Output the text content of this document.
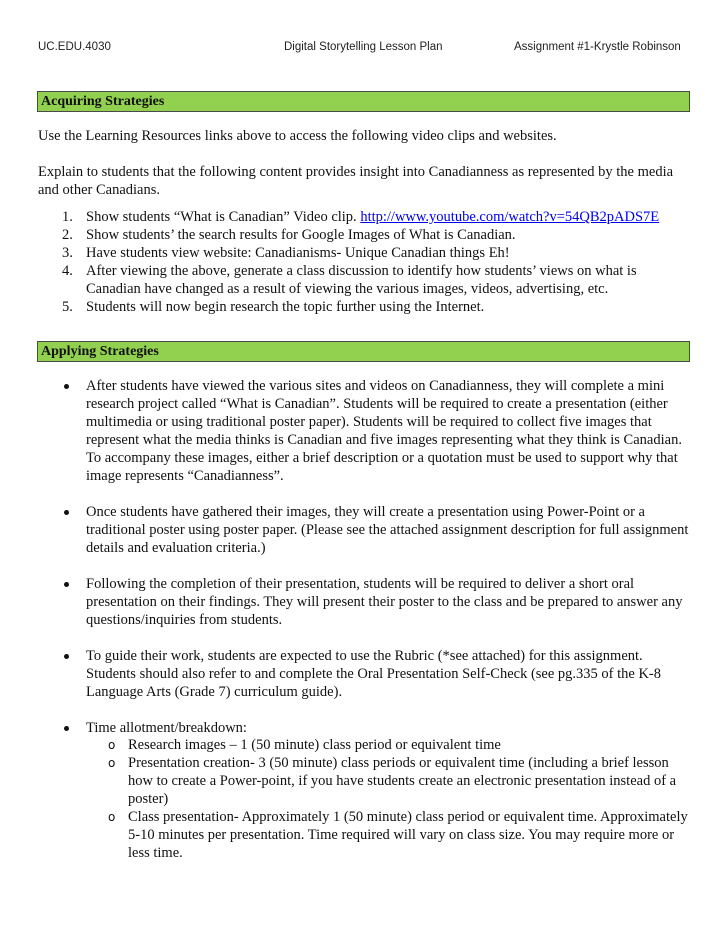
UC.EDU.4030	Digital Storytelling Lesson Plan	Assignment #1-Krystle Robinson
Acquiring Strategies
Use the Learning Resources links above to access the following video clips and websites.
Explain to students that the following content provides insight into Canadianness as represented by the media and other Canadians.
1. Show students “What is Canadian” Video clip. http://www.youtube.com/watch?v=54QB2pADS7E
2. Show students’ the search results for Google Images of What is Canadian.
3. Have students view website: Canadianisms- Unique Canadian things Eh!
4. After viewing the above, generate a class discussion to identify how students’ views on what is Canadian have changed as a result of viewing the various images, videos, advertising, etc.
5. Students will now begin research the topic further using the Internet.
Applying Strategies
After students have viewed the various sites and videos on Canadianness, they will complete a mini research project called “What is Canadian”. Students will be required to create a presentation (either multimedia or using traditional poster paper). Students will be required to collect five images that represent what the media thinks is Canadian and five images representing what they think is Canadian. To accompany these images, either a brief description or a quotation must be used to support why that image represents “Canadianness”.
Once students have gathered their images, they will create a presentation using Power-Point or a traditional poster using poster paper. (Please see the attached assignment description for full assignment details and evaluation criteria.)
Following the completion of their presentation, students will be required to deliver a short oral presentation on their findings. They will present their poster to the class and be prepared to answer any questions/inquiries from students.
To guide their work, students are expected to use the Rubric (*see attached) for this assignment. Students should also refer to and complete the Oral Presentation Self-Check (see pg.335 of the K-8 Language Arts (Grade 7) curriculum guide).
Time allotment/breakdown:
o Research images – 1 (50 minute) class period or equivalent time
o Presentation creation- 3 (50 minute) class periods or equivalent time (including a brief lesson how to create a Power-point, if you have students create an electronic presentation instead of a poster)
o Class presentation- Approximately 1 (50 minute) class period or equivalent time. Approximately 5-10 minutes per presentation. Time required will vary on class size. You may require more or less time.
